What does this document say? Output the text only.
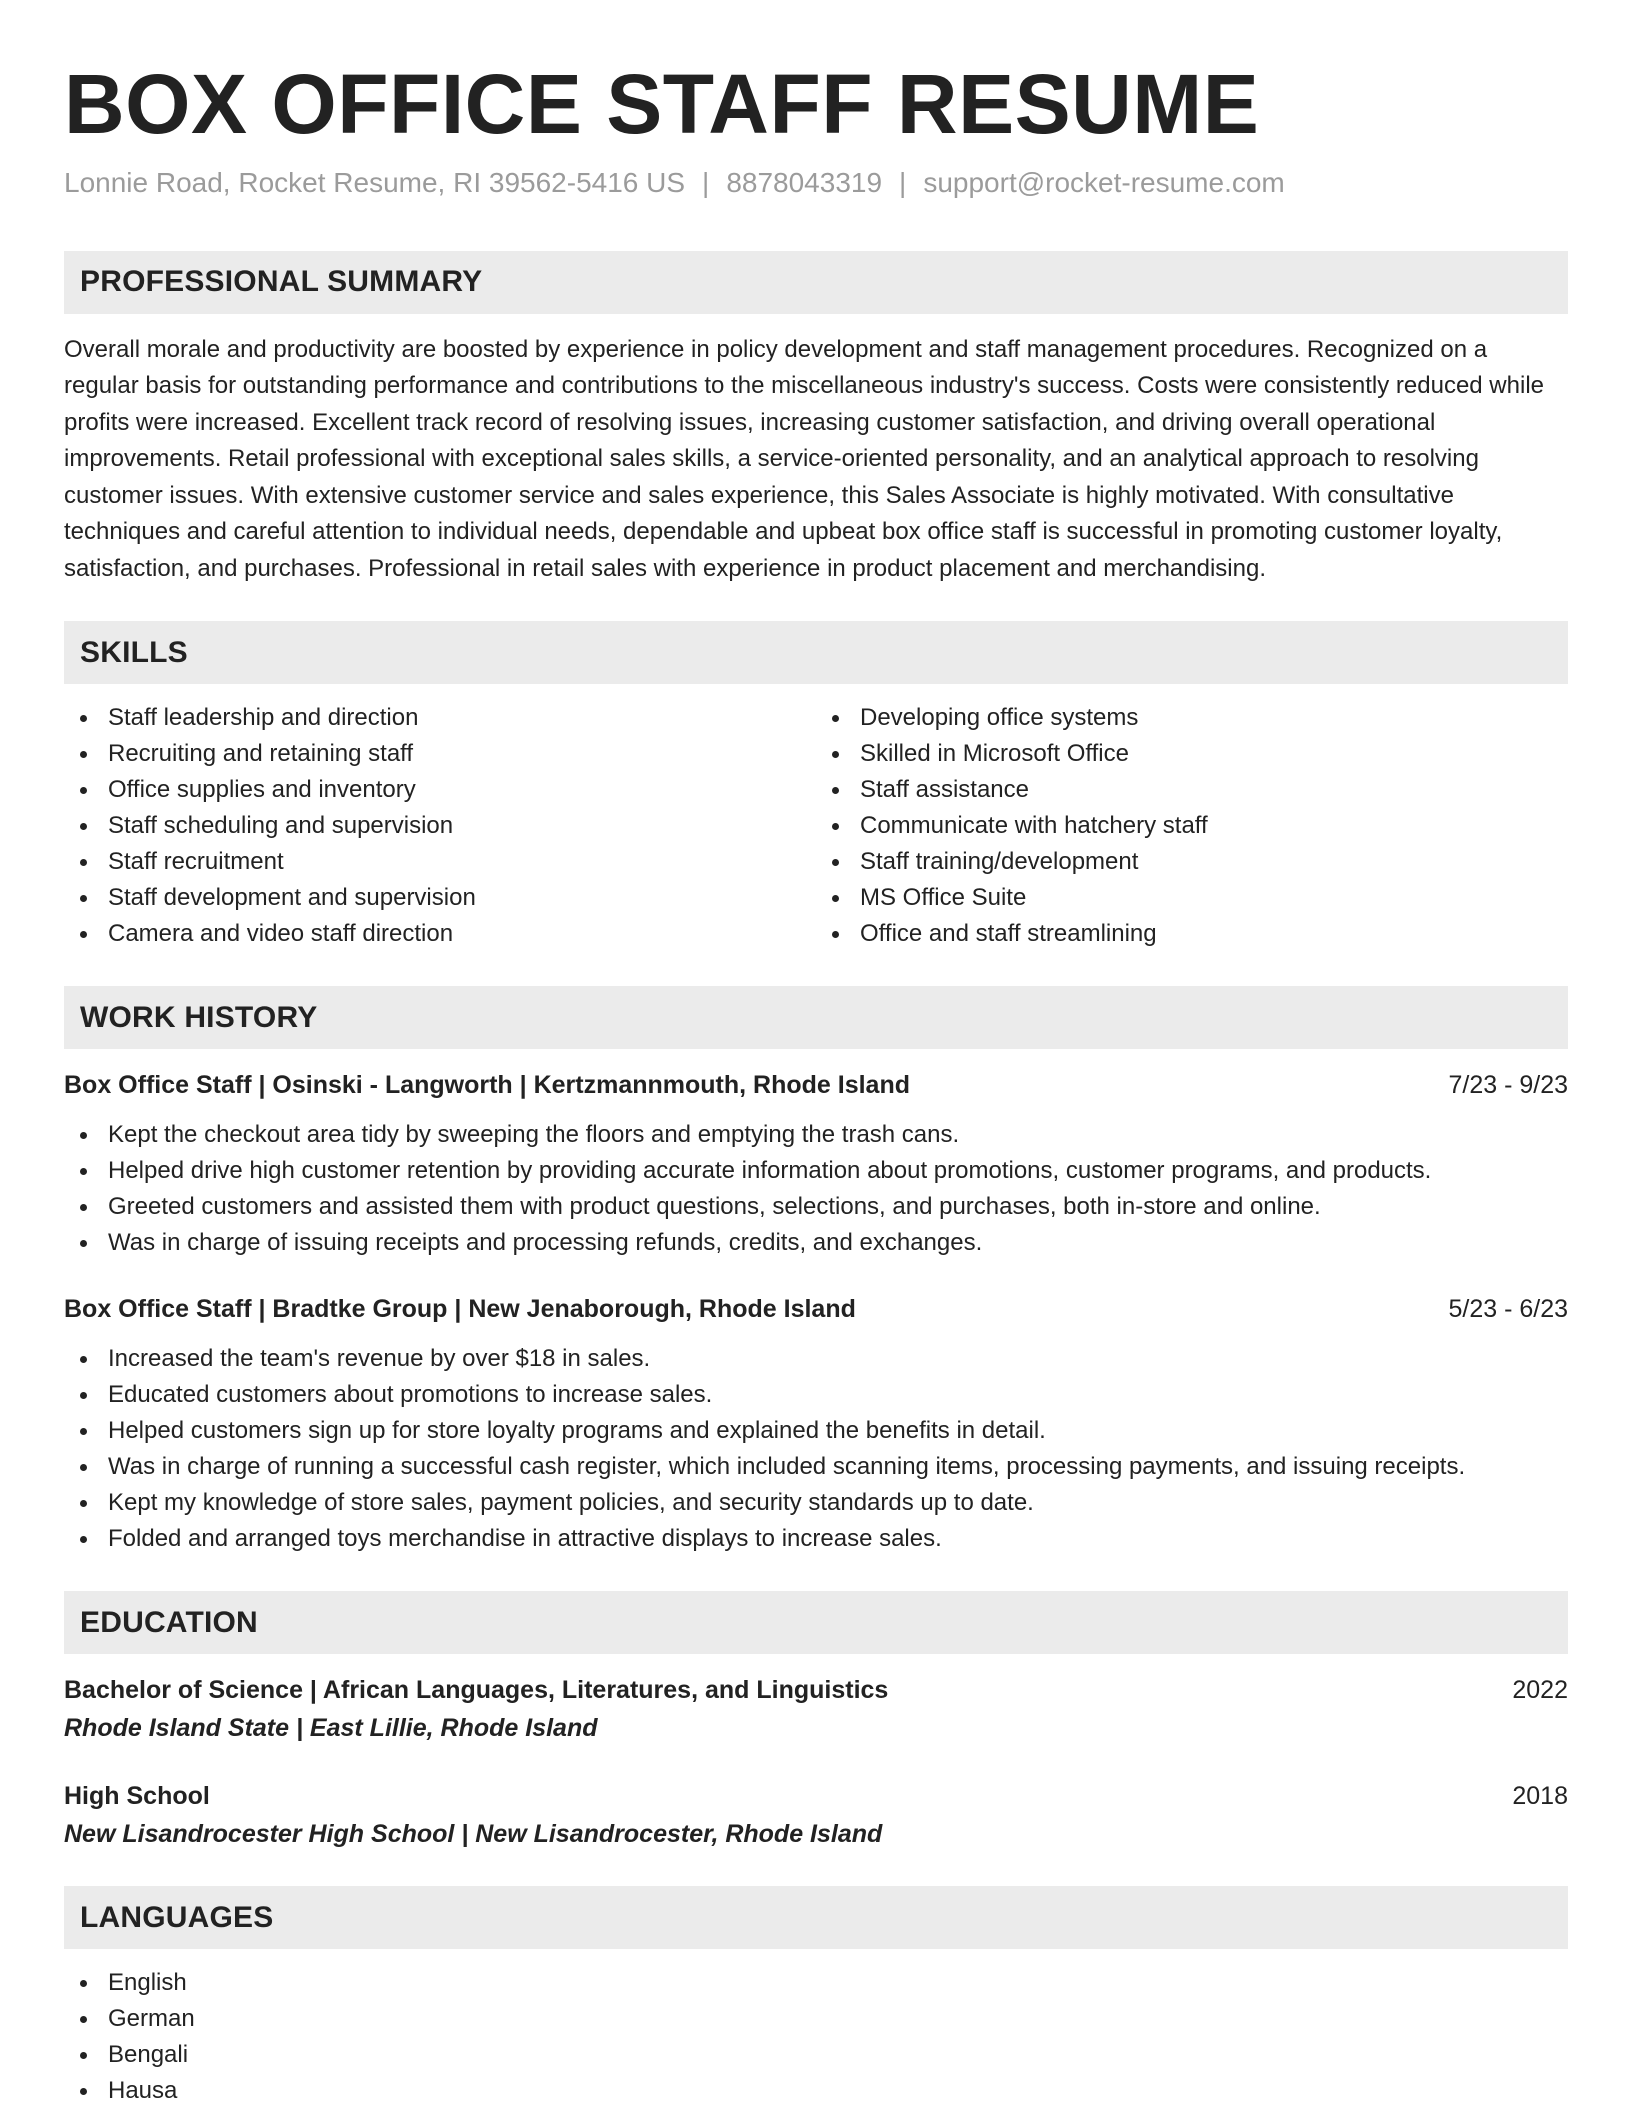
BOX OFFICE STAFF RESUME
Lonnie Road, Rocket Resume, RI 39562-5416 US | 8878043319 | support@rocket-resume.com
PROFESSIONAL SUMMARY

Overall morale and productivity are boosted by experience in policy development and staff management procedures. Recognized on a regular basis for outstanding performance and contributions to the miscellaneous industry's success. Costs were consistently reduced while profits were increased. Excellent track record of resolving issues, increasing customer satisfaction, and driving overall operational improvements. Retail professional with exceptional sales skills, a service-oriented personality, and an analytical approach to resolving customer issues. With extensive customer service and sales experience, this Sales Associate is highly motivated. With consultative techniques and careful attention to individual needs, dependable and upbeat box office staff is successful in promoting customer loyalty, satisfaction, and purchases. Professional in retail sales with experience in product placement and merchandising.

SKILLS
Staff leadership and direction
Recruiting and retaining staff
Office supplies and inventory
Staff scheduling and supervision
Staff recruitment
Staff development and supervision
Camera and video staff direction
Developing office systems
Skilled in Microsoft Office
Staff assistance
Communicate with hatchery staff
Staff training/development
MS Office Suite
Office and staff streamlining
WORK HISTORY
Box Office Staff | Osinski - Langworth | Kertzmannmouth, Rhode Island	7/23 - 9/23
Kept the checkout area tidy by sweeping the floors and emptying the trash cans.
Helped drive high customer retention by providing accurate information about promotions, customer programs, and products.
Greeted customers and assisted them with product questions, selections, and purchases, both in-store and online.
Was in charge of issuing receipts and processing refunds, credits, and exchanges.
Box Office Staff | Bradtke Group | New Jenaborough, Rhode Island	5/23 - 6/23
Increased the team's revenue by over $18 in sales.
Educated customers about promotions to increase sales.
Helped customers sign up for store loyalty programs and explained the benefits in detail.
Was in charge of running a successful cash register, which included scanning items, processing payments, and issuing receipts.
Kept my knowledge of store sales, payment policies, and security standards up to date.
Folded and arranged toys merchandise in attractive displays to increase sales.
EDUCATION
Bachelor of Science | African Languages, Literatures, and Linguistics	2022
Rhode Island State | East Lillie, Rhode Island
High School	2018
New Lisandrocester High School | New Lisandrocester, Rhode Island
LANGUAGES
English
German
Bengali
Hausa
